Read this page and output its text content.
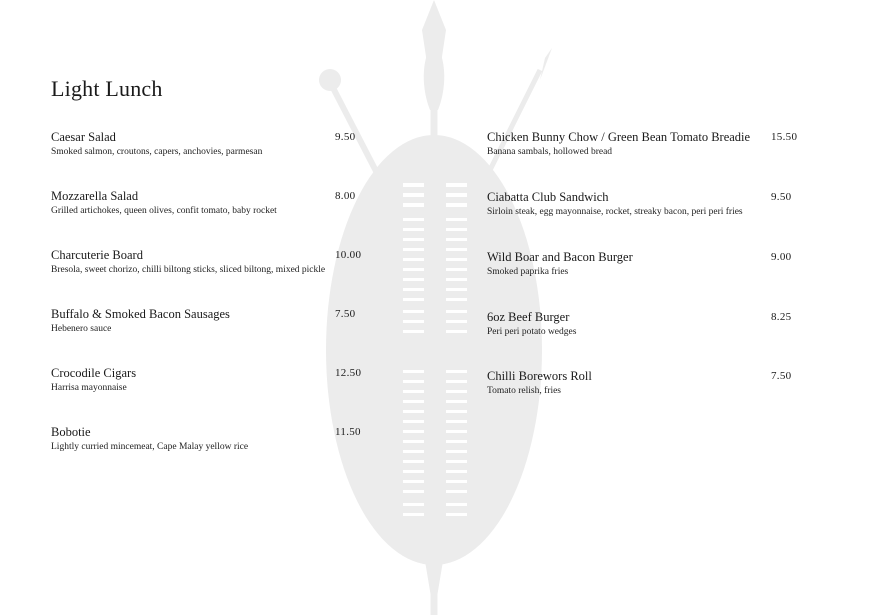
Light Lunch
Caesar Salad
Smoked salmon, croutons, capers, anchovies, parmesan
9.50
Mozzarella Salad
Grilled artichokes, queen olives, confit tomato, baby rocket
8.00
Charcuterie Board
Bresola, sweet chorizo, chilli biltong sticks, sliced biltong, mixed pickle
10.00
Buffalo & Smoked Bacon Sausages
Hebenero sauce
7.50
Crocodile Cigars
Harrisa mayonnaise
12.50
Bobotie
Lightly curried mincemeat, Cape Malay yellow rice
11.50
Chicken Bunny Chow / Green Bean Tomato Breadie
Banana sambals, hollowed bread
15.50
Ciabatta Club Sandwich
Sirloin steak, egg mayonnaise, rocket, streaky bacon, peri peri fries
9.50
Wild Boar and Bacon Burger
Smoked paprika fries
9.00
6oz Beef Burger
Peri peri potato wedges
8.25
Chilli Borewors Roll
Tomato relish, fries
7.50
